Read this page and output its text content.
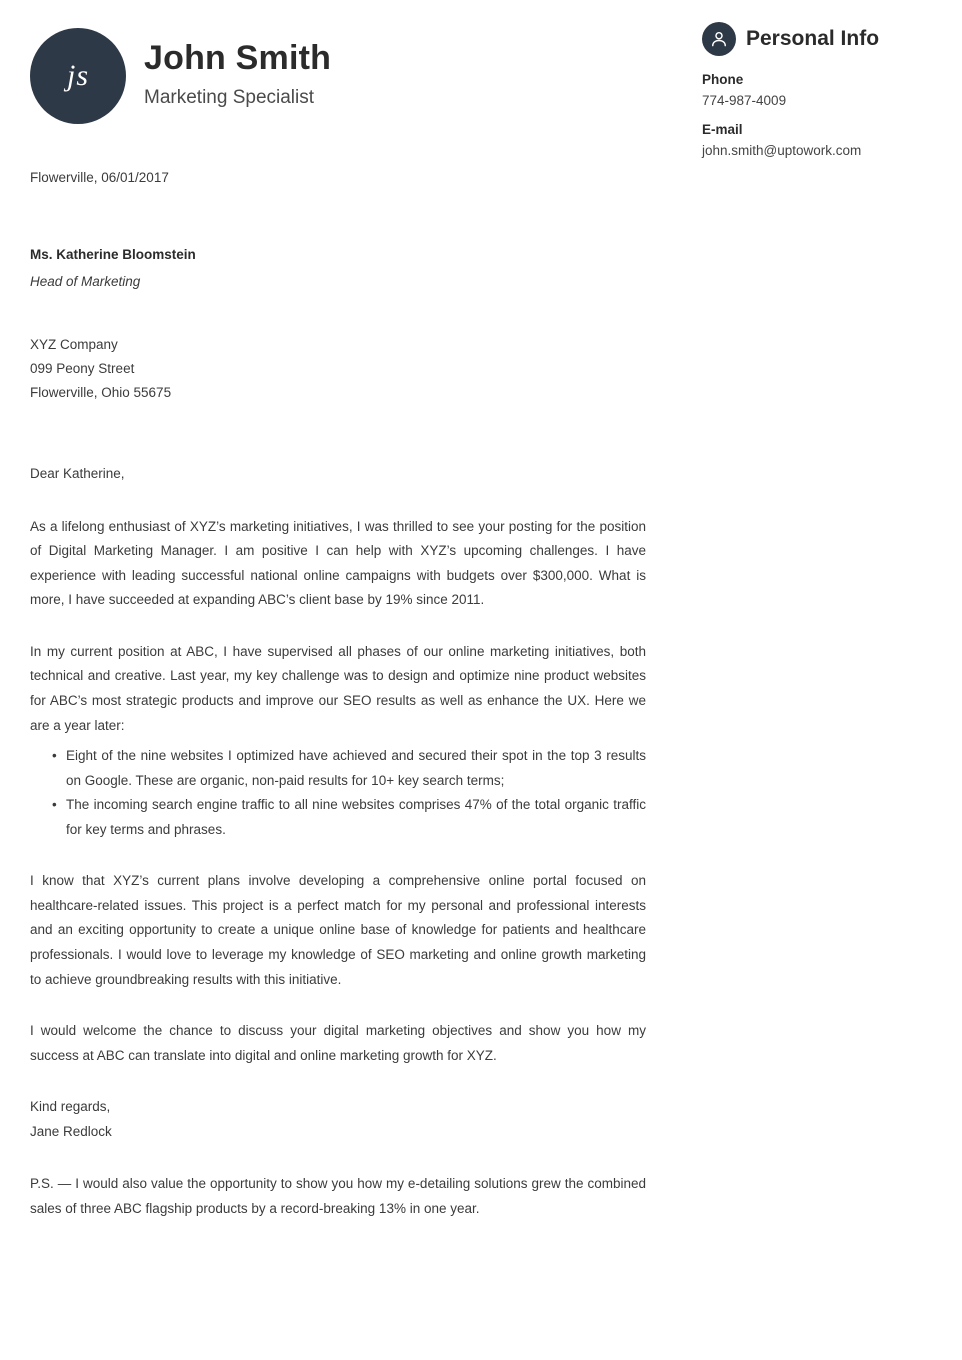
js John Smith
Marketing Specialist
Flowerville, 06/01/2017
Ms. Katherine Bloomstein
Head of Marketing
XYZ Company
099 Peony Street
Flowerville, Ohio 55675
Dear Katherine,

As a lifelong enthusiast of XYZ’s marketing initiatives, I was thrilled to see your posting for the position of Digital Marketing Manager. I am positive I can help with XYZ’s upcoming challenges. I have experience with leading successful national online campaigns with budgets over $300,000. What is more, I have succeeded at expanding ABC’s client base by 19% since 2011.

In my current position at ABC, I have supervised all phases of our online marketing initiatives, both technical and creative. Last year, my key challenge was to design and optimize nine product websites for ABC’s most strategic products and improve our SEO results as well as enhance the UX. Here we are a year later:

• Eight of the nine websites I optimized have achieved and secured their spot in the top 3 results on Google. These are organic, non-paid results for 10+ key search terms;
• The incoming search engine traffic to all nine websites comprises 47% of the total organic traffic for key terms and phrases.

I know that XYZ’s current plans involve developing a comprehensive online portal focused on healthcare-related issues. This project is a perfect match for my personal and professional interests and an exciting opportunity to create a unique online base of knowledge for patients and healthcare professionals. I would love to leverage my knowledge of SEO marketing and online growth marketing to achieve groundbreaking results with this initiative.

I would welcome the chance to discuss your digital marketing objectives and show you how my success at ABC can translate into digital and online marketing growth for XYZ.

Kind regards,
Jane Redlock

P.S. — I would also value the opportunity to show you how my e-detailing solutions grew the combined sales of three ABC flagship products by a record-breaking 13% in one year.

Personal Info
Phone
774-987-4009
E-mail
john.smith@uptowork.com
